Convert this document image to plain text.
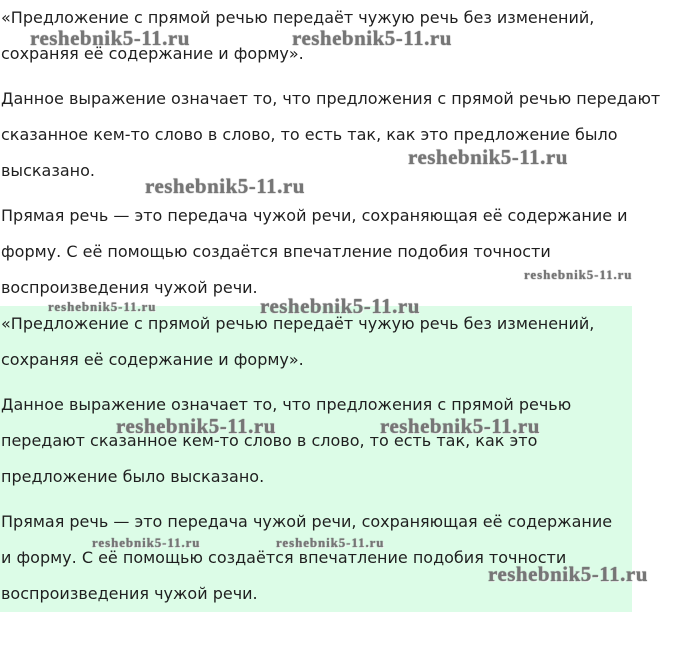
«Предложение с прямой речью передаёт чужую речь без изменений,
сохраняя её содержание и форму».
Данное выражение означает то, что предложения с прямой речью передают
сказанное кем-то слово в слово, то есть так, как это предложение было
высказано.
Прямая речь — это передача чужой речи, сохраняющая её содержание и
форму. С её помощью создаётся впечатление подобия точности
воспроизведения чужой речи.
«Предложение с прямой речью передаёт чужую речь без изменений,
сохраняя её содержание и форму».
Данное выражение означает то, что предложения с прямой речью
передают сказанное кем-то слово в слово, то есть так, как это
предложение было высказано.
Прямая речь — это передача чужой речи, сохраняющая её содержание
и форму. С её помощью создаётся впечатление подобия точности
воспроизведения чужой речи.
reshebnik5-11.ru	reshebnik5-11.ru
reshebnik5-11.ru
reshebnik5-11.ru
reshebnik5-11.ru
reshebnik5-11.ru	reshebnik5-11.ru
reshebnik5-11.ru	reshebnik5-11.ru
reshebnik5-11.ru	reshebnik5-11.ru
reshebnik5-11.ru
